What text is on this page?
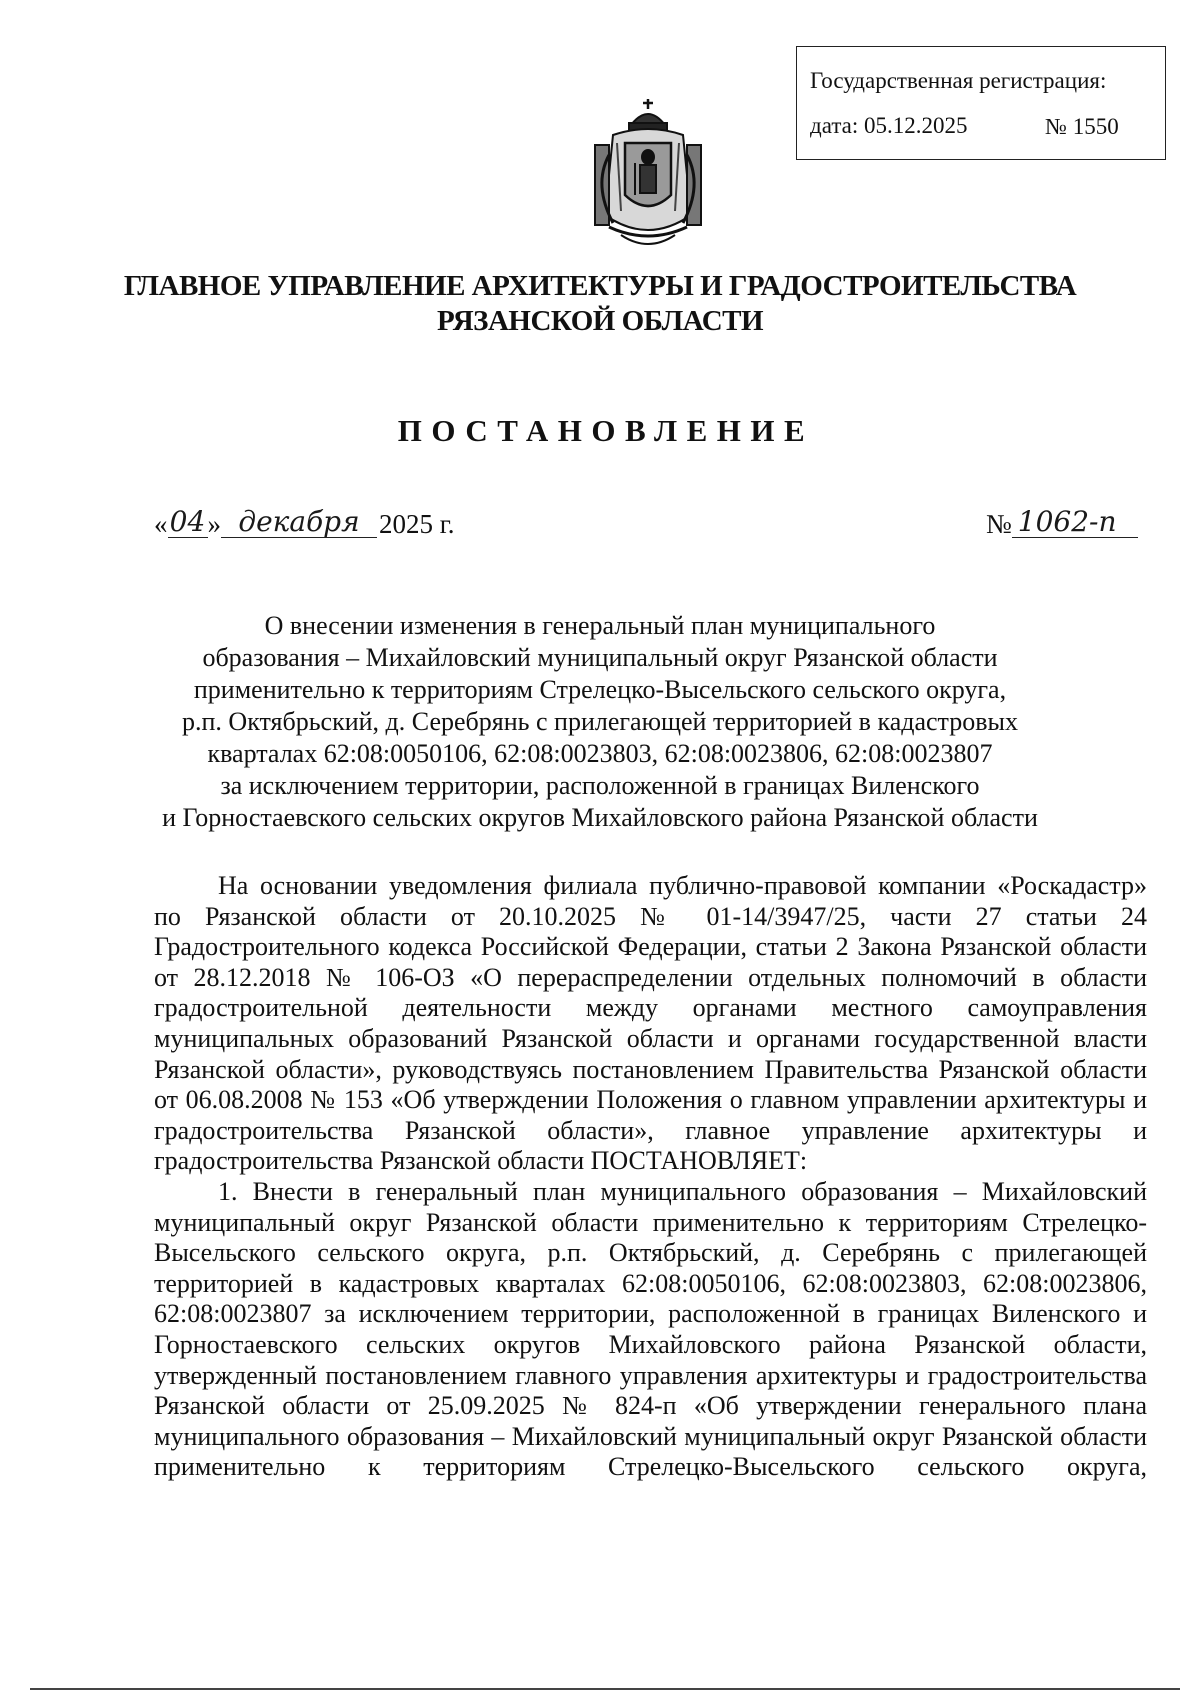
Государственная регистрация:
дата: 05.12.2025	№ 1550
ГЛАВНОЕ УПРАВЛЕНИЕ АРХИТЕКТУРЫ И ГРАДОСТРОИТЕЛЬСТВА
РЯЗАНСКОЙ ОБЛАСТИ
ПОСТАНОВЛЕНИЕ
« 04 » декабря 2025 г.	№ 1062-п
О внесении изменения в генеральный план муниципального
образования – Михайловский муниципальный округ Рязанской области
применительно к территориям Стрелецко-Высельского сельского округа,
р.п. Октябрьский, д. Серебрянь с прилегающей территорией в кадастровых
кварталах 62:08:0050106, 62:08:0023803, 62:08:0023806, 62:08:0023807
за исключением территории, расположенной в границах Виленского
и Горностаевского сельских округов Михайловского района Рязанской области

На основании уведомления филиала публично-правовой компании «Роскадастр» по Рязанской области от 20.10.2025 № 01-14/3947/25, части 27 статьи 24 Градостроительного кодекса Российской Федерации, статьи 2 Закона Рязанской области от 28.12.2018 № 106-ОЗ «О перераспределении отдельных полномочий в области градостроительной деятельности между органами местного самоуправления муниципальных образований Рязанской области и органами государственной власти Рязанской области», руководствуясь постановлением Правительства Рязанской области от 06.08.2008 № 153 «Об утверждении Положения о главном управлении архитектуры и градостроительства Рязанской области», главное управление архитектуры и градостроительства Рязанской области ПОСТАНОВЛЯЕТ:

1. Внести в генеральный план муниципального образования – Михайловский муниципальный округ Рязанской области применительно к территориям Стрелецко-Высельского сельского округа, р.п. Октябрьский, д. Серебрянь с прилегающей территорией в кадастровых кварталах 62:08:0050106, 62:08:0023803, 62:08:0023806, 62:08:0023807 за исключением территории, расположенной в границах Виленского и Горностаевского сельских округов Михайловского района Рязанской области, утвержденный постановлением главного управления архитектуры и градостроительства Рязанской области от 25.09.2025 № 824-п «Об утверждении генерального плана муниципального образования – Михайловский муниципальный округ Рязанской области применительно к территориям Стрелецко-Высельского сельского округа,
